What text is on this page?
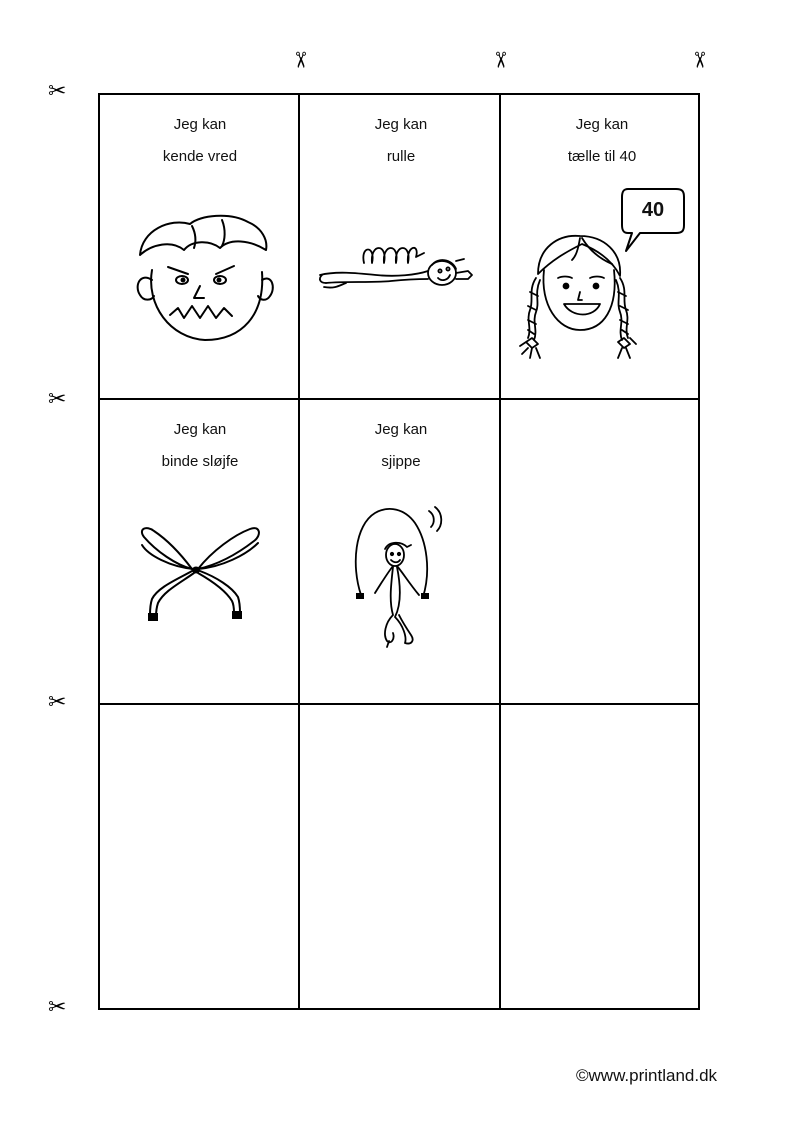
✂	✂	✂
✂
✂
✂
✂
Jeg kan
kende vred
Jeg kan
rulle
Jeg kan
tælle til 40
40
Jeg kan
binde sløjfe
Jeg kan
sjippe
©www.printland.dk
